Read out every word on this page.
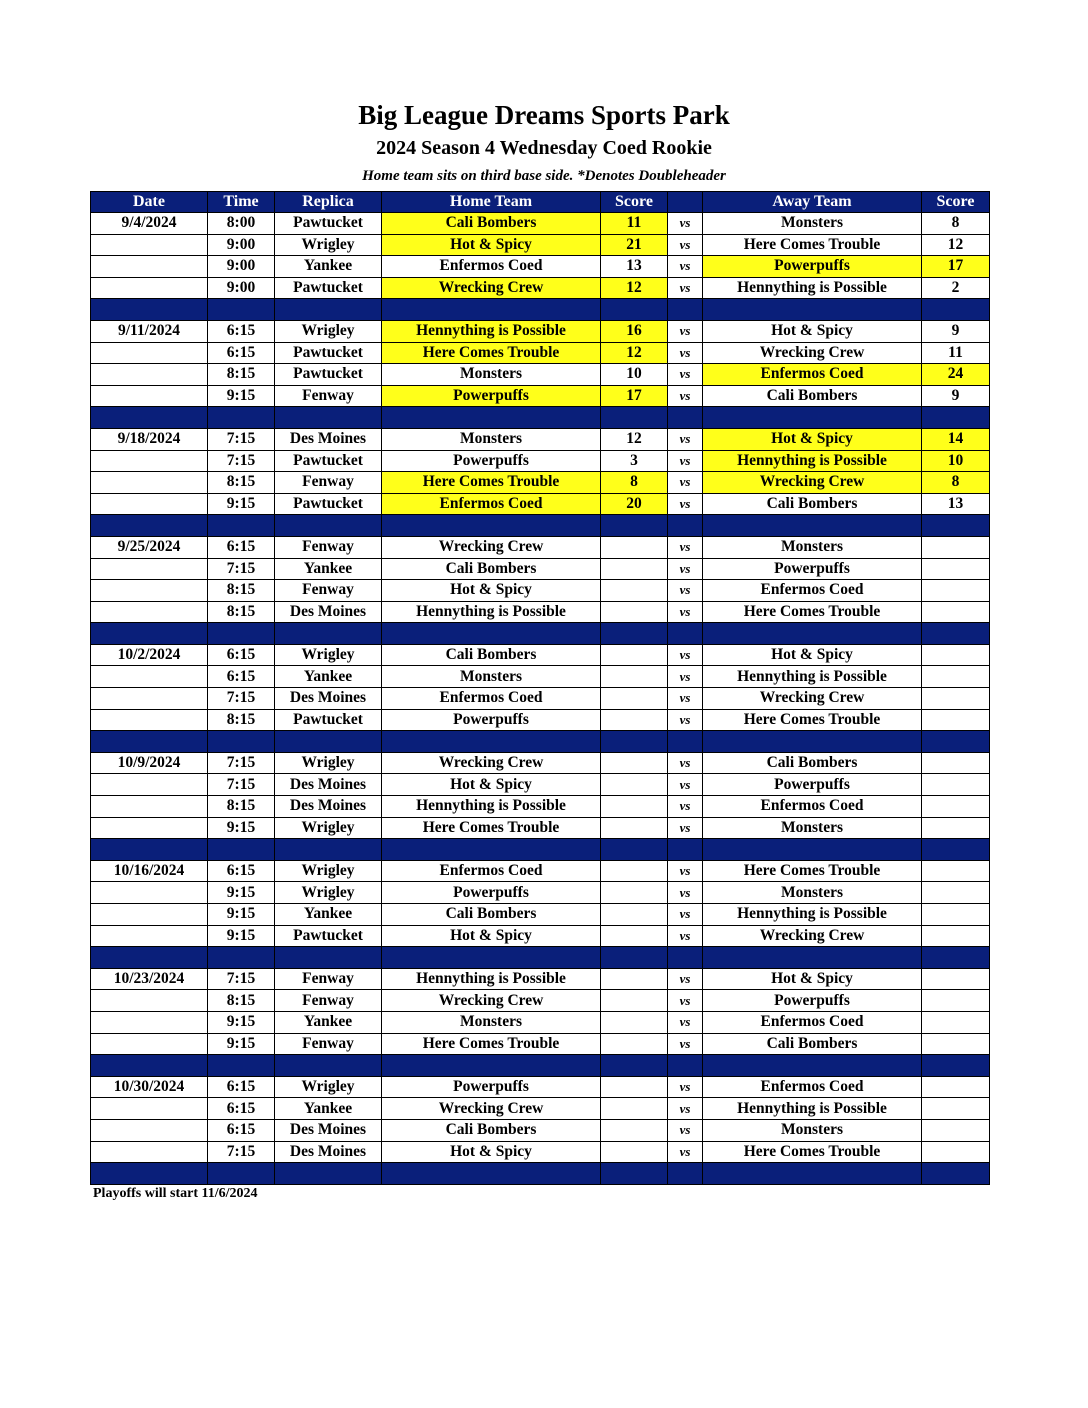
Big League Dreams Sports Park
2024 Season 4 Wednesday Coed Rookie
Home team sits on third base side. *Denotes Doubleheader
Date	Time	Replica	Home Team	Score		Away Team	Score
9/4/2024	8:00	Pawtucket	Cali Bombers	11	vs	Monsters	8
	9:00	Wrigley	Hot & Spicy	21	vs	Here Comes Trouble	12
	9:00	Yankee	Enfermos Coed	13	vs	Powerpuffs	17
	9:00	Pawtucket	Wrecking Crew	12	vs	Hennything is Possible	2

9/11/2024	6:15	Wrigley	Hennything is Possible	16	vs	Hot & Spicy	9
	6:15	Pawtucket	Here Comes Trouble	12	vs	Wrecking Crew	11
	8:15	Pawtucket	Monsters	10	vs	Enfermos Coed	24
	9:15	Fenway	Powerpuffs	17	vs	Cali Bombers	9

9/18/2024	7:15	Des Moines	Monsters	12	vs	Hot & Spicy	14
	7:15	Pawtucket	Powerpuffs	3	vs	Hennything is Possible	10
	8:15	Fenway	Here Comes Trouble	8	vs	Wrecking Crew	8
	9:15	Pawtucket	Enfermos Coed	20	vs	Cali Bombers	13

9/25/2024	6:15	Fenway	Wrecking Crew		vs	Monsters	
	7:15	Yankee	Cali Bombers		vs	Powerpuffs	
	8:15	Fenway	Hot & Spicy		vs	Enfermos Coed	
	8:15	Des Moines	Hennything is Possible		vs	Here Comes Trouble	

10/2/2024	6:15	Wrigley	Cali Bombers		vs	Hot & Spicy	
	6:15	Yankee	Monsters		vs	Hennything is Possible	
	7:15	Des Moines	Enfermos Coed		vs	Wrecking Crew	
	8:15	Pawtucket	Powerpuffs		vs	Here Comes Trouble	

10/9/2024	7:15	Wrigley	Wrecking Crew		vs	Cali Bombers	
	7:15	Des Moines	Hot & Spicy		vs	Powerpuffs	
	8:15	Des Moines	Hennything is Possible		vs	Enfermos Coed	
	9:15	Wrigley	Here Comes Trouble		vs	Monsters	

10/16/2024	6:15	Wrigley	Enfermos Coed		vs	Here Comes Trouble	
	9:15	Wrigley	Powerpuffs		vs	Monsters	
	9:15	Yankee	Cali Bombers		vs	Hennything is Possible	
	9:15	Pawtucket	Hot & Spicy		vs	Wrecking Crew	

10/23/2024	7:15	Fenway	Hennything is Possible		vs	Hot & Spicy	
	8:15	Fenway	Wrecking Crew		vs	Powerpuffs	
	9:15	Yankee	Monsters		vs	Enfermos Coed	
	9:15	Fenway	Here Comes Trouble		vs	Cali Bombers	

10/30/2024	6:15	Wrigley	Powerpuffs		vs	Enfermos Coed	
	6:15	Yankee	Wrecking Crew		vs	Hennything is Possible	
	6:15	Des Moines	Cali Bombers		vs	Monsters	
	7:15	Des Moines	Hot & Spicy		vs	Here Comes Trouble	

Playoffs will start 11/6/2024
